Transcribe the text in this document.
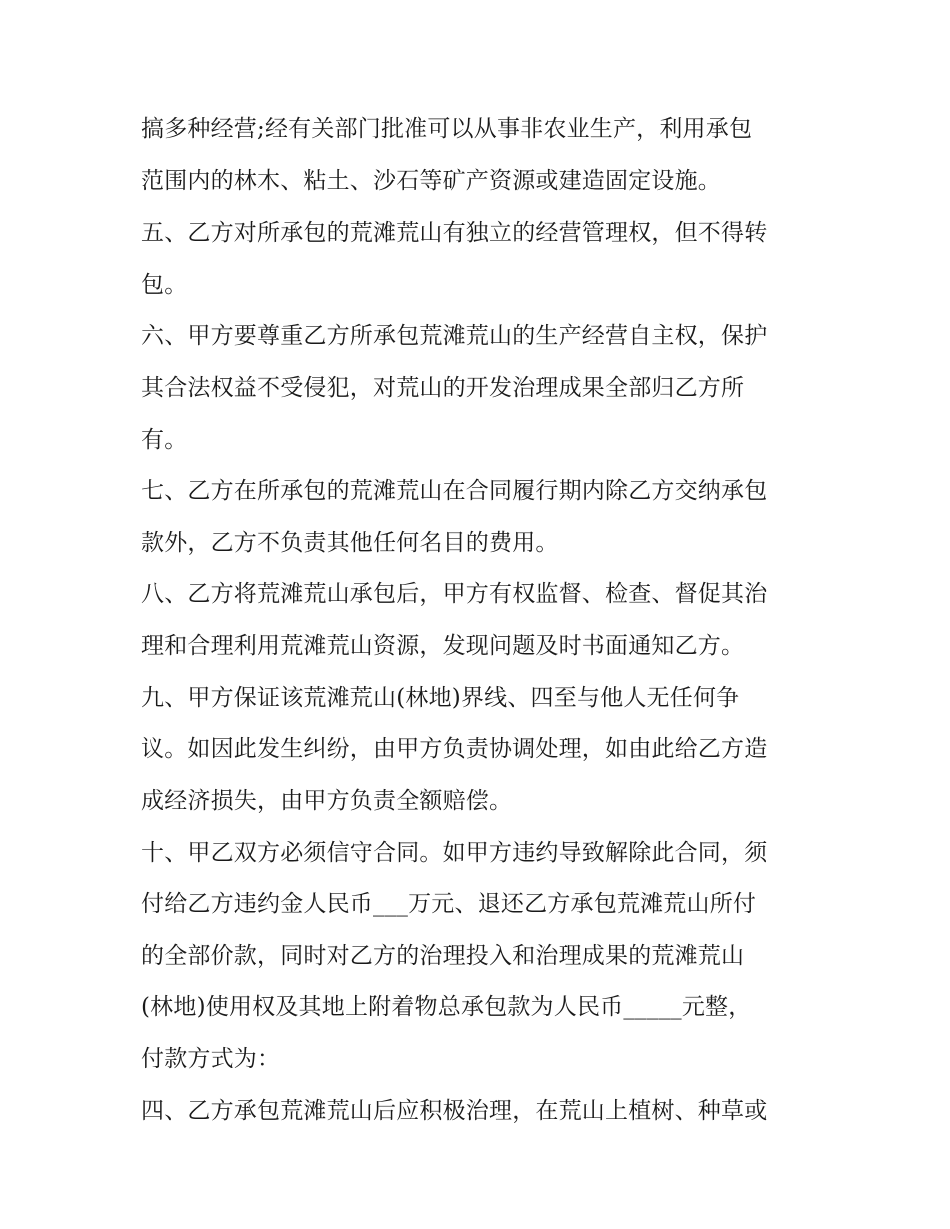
搞多种经营;经有关部门批准可以从事非农业生产，利用承包

范围内的林木、粘土、沙石等矿产资源或建造固定设施。

五、乙方对所承包的荒滩荒山有独立的经营管理权，但不得转

包。

六、甲方要尊重乙方所承包荒滩荒山的生产经营自主权，保护

其合法权益不受侵犯，对荒山的开发治理成果全部归乙方所

有。

七、乙方在所承包的荒滩荒山在合同履行期内除乙方交纳承包

款外，乙方不负责其他任何名目的费用。

八、乙方将荒滩荒山承包后，甲方有权监督、检查、督促其治

理和合理利用荒滩荒山资源，发现问题及时书面通知乙方。

九、甲方保证该荒滩荒山(林地)界线、四至与他人无任何争

议。如因此发生纠纷，由甲方负责协调处理，如由此给乙方造

成经济损失，由甲方负责全额赔偿。

十、甲乙双方必须信守合同。如甲方违约导致解除此合同，须

付给乙方违约金人民币___万元、退还乙方承包荒滩荒山所付

的全部价款，同时对乙方的治理投入和治理成果的荒滩荒山

(林地)使用权及其地上附着物总承包款为人民币_____元整，

付款方式为：

四、乙方承包荒滩荒山后应积极治理，在荒山上植树、种草或
